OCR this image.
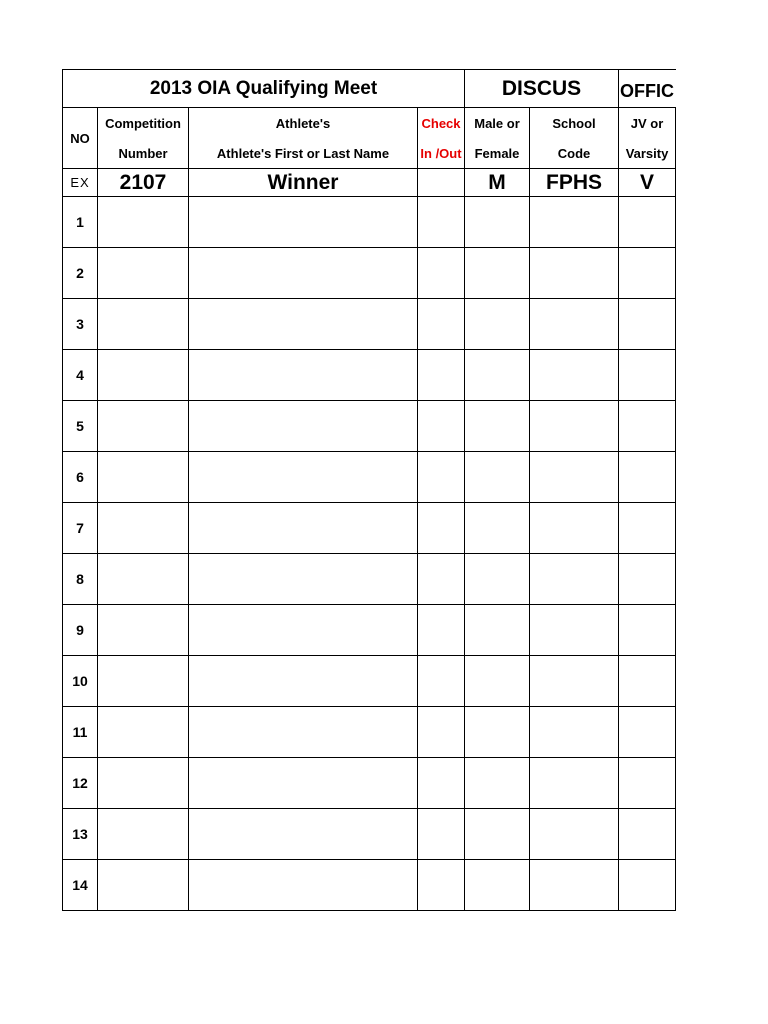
2013 OIA Qualifying Meet				DISCUS		OFFIC
NO	Competition	Athlete's	Check	Male or	School	JV or
	Number	Athlete's First or Last Name	In /Out	Female	Code	Varsity
EX	2107	Winner		M	FPHS	V
1						
2						
3						
4						
5						
6						
7						
8						
9						
10						
11						
12						
13						
14						
